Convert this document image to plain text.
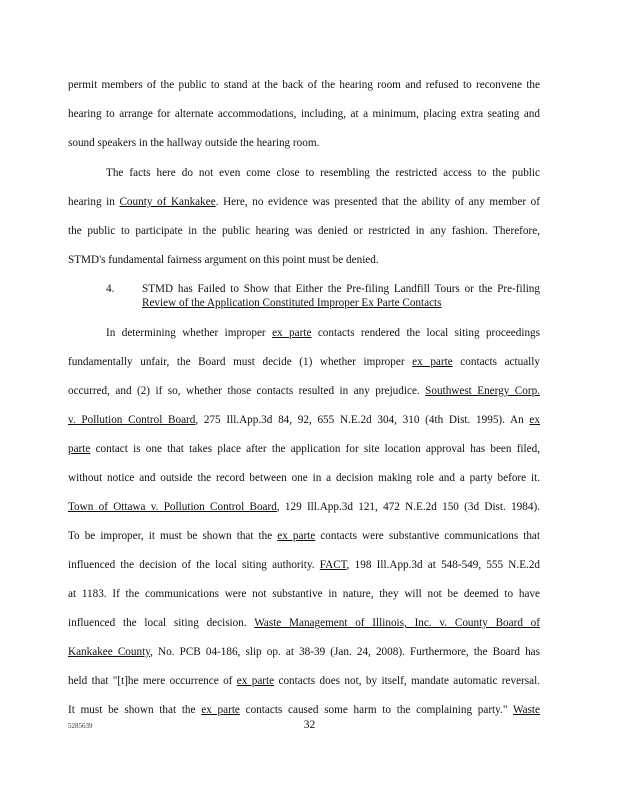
permit members of the public to stand at the back of the hearing room and refused to reconvene the
hearing to arrange for alternate accommodations, including, at a minimum, placing extra seating and
sound speakers in the hallway outside the hearing room.
The facts here do not even come close to resembling the restricted access to the public
hearing in County of Kankakee. Here, no evidence was presented that the ability of any member of
the public to participate in the public hearing was denied or restricted in any fashion. Therefore,
STMD's fundamental fairness argument on this point must be denied.
4. STMD has Failed to Show that Either the Pre-filing Landfill Tours or the Pre-filing
Review of the Application Constituted Improper Ex Parte Contacts
In determining whether improper ex parte contacts rendered the local siting proceedings
fundamentally unfair, the Board must decide (1) whether improper ex parte contacts actually
occurred, and (2) if so, whether those contacts resulted in any prejudice. Southwest Energy Corp.
v. Pollution Control Board, 275 Ill.App.3d 84, 92, 655 N.E.2d 304, 310 (4th Dist. 1995). An ex
parte contact is one that takes place after the application for site location approval has been filed,
without notice and outside the record between one in a decision making role and a party before it.
Town of Ottawa v. Pollution Control Board, 129 Ill.App.3d 121, 472 N.E.2d 150 (3d Dist. 1984).
To be improper, it must be shown that the ex parte contacts were substantive communications that
influenced the decision of the local siting authority. FACT, 198 Ill.App.3d at 548-549, 555 N.E.2d
at 1183. If the communications were not substantive in nature, they will not be deemed to have
influenced the local siting decision. Waste Management of Illinois, Inc. v. County Board of
Kankakee County, No. PCB 04-186, slip op. at 38-39 (Jan. 24, 2008). Furthermore, the Board has
held that "[t]he mere occurrence of ex parte contacts does not, by itself, mandate automatic reversal.
It must be shown that the ex parte contacts caused some harm to the complaining party." Waste
5285639	32
